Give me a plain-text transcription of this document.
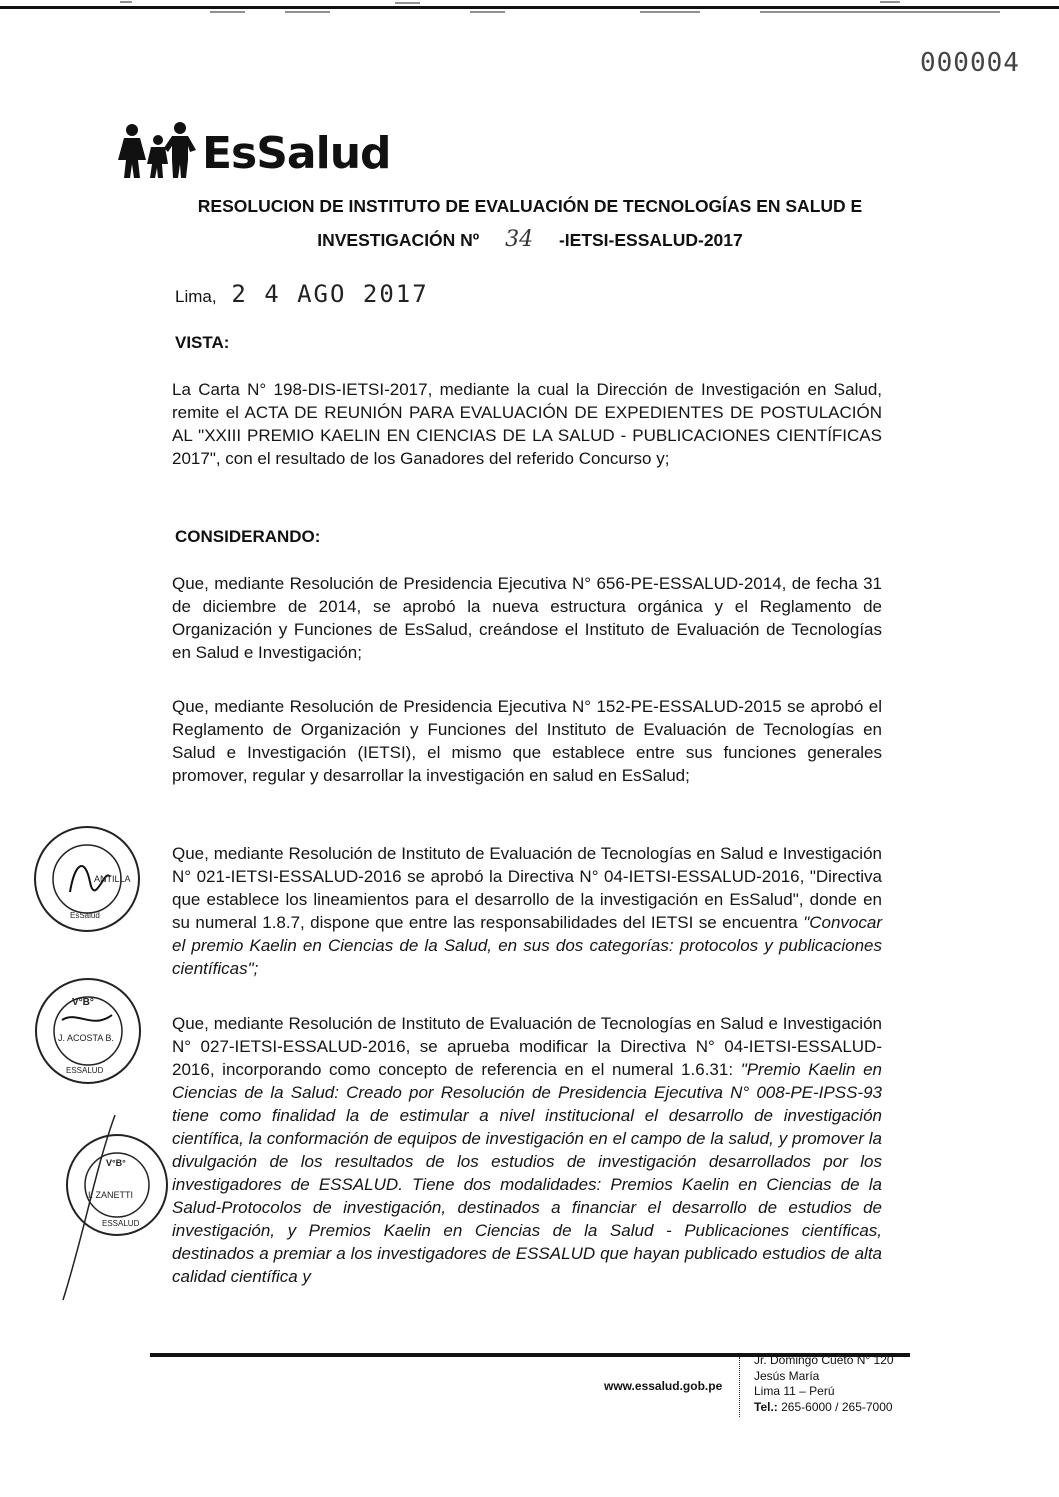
000004
EsSalud
RESOLUCION DE INSTITUTO DE EVALUACIÓN DE TECNOLOGÍAS EN SALUD E
INVESTIGACIÓN Nº 34 -IETSI-ESSALUD-2017
Lima, 2 4 AGO 2017
VISTA:
La Carta N° 198-DIS-IETSI-2017, mediante la cual la Dirección de Investigación en Salud, remite el ACTA DE REUNIÓN PARA EVALUACIÓN DE EXPEDIENTES DE POSTULACIÓN AL "XXIII PREMIO KAELIN EN CIENCIAS DE LA SALUD - PUBLICACIONES CIENTÍFICAS 2017", con el resultado de los Ganadores del referido Concurso y;
CONSIDERANDO:
Que, mediante Resolución de Presidencia Ejecutiva N° 656-PE-ESSALUD-2014, de fecha 31 de diciembre de 2014, se aprobó la nueva estructura orgánica y el Reglamento de Organización y Funciones de EsSalud, creándose el Instituto de Evaluación de Tecnologías en Salud e Investigación;
Que, mediante Resolución de Presidencia Ejecutiva N° 152-PE-ESSALUD-2015 se aprobó el Reglamento de Organización y Funciones del Instituto de Evaluación de Tecnologías en Salud e Investigación (IETSI), el mismo que establece entre sus funciones generales promover, regular y desarrollar la investigación en salud en EsSalud;
Que, mediante Resolución de Instituto de Evaluación de Tecnologías en Salud e Investigación N° 021-IETSI-ESSALUD-2016 se aprobó la Directiva N° 04-IETSI-ESSALUD-2016, "Directiva que establece los lineamientos para el desarrollo de la investigación en EsSalud", donde en su numeral 1.8.7, dispone que entre las responsabilidades del IETSI se encuentra "Convocar el premio Kaelin en Ciencias de la Salud, en sus dos categorías: protocolos y publicaciones científicas";
Que, mediante Resolución de Instituto de Evaluación de Tecnologías en Salud e Investigación N° 027-IETSI-ESSALUD-2016, se aprueba modificar la Directiva N° 04-IETSI-ESSALUD-2016, incorporando como concepto de referencia en el numeral 1.6.31: "Premio Kaelin en Ciencias de la Salud: Creado por Resolución de Presidencia Ejecutiva N° 008-PE-IPSS-93 tiene como finalidad la de estimular a nivel institucional el desarrollo de investigación científica, la conformación de equipos de investigación en el campo de la salud, y promover la divulgación de los resultados de los estudios de investigación desarrollados por los investigadores de ESSALUD. Tiene dos modalidades: Premios Kaelin en Ciencias de la Salud-Protocolos de investigación, destinados a financiar el desarrollo de estudios de investigación, y Premios Kaelin en Ciencias de la Salud - Publicaciones científicas, destinados a premiar a los investigadores de ESSALUD que hayan publicado estudios de alta calidad científica y
ANTILLA
EsSalud
V°B°
J. ACOSTA B.
ESSALUD
V°B°
I. ZANETTI
ESSALUD
www.essalud.gob.pe
Jr. Domingo Cueto N° 120
Jesús María
Lima 11 – Perú
Tel.: 265-6000 / 265-7000
